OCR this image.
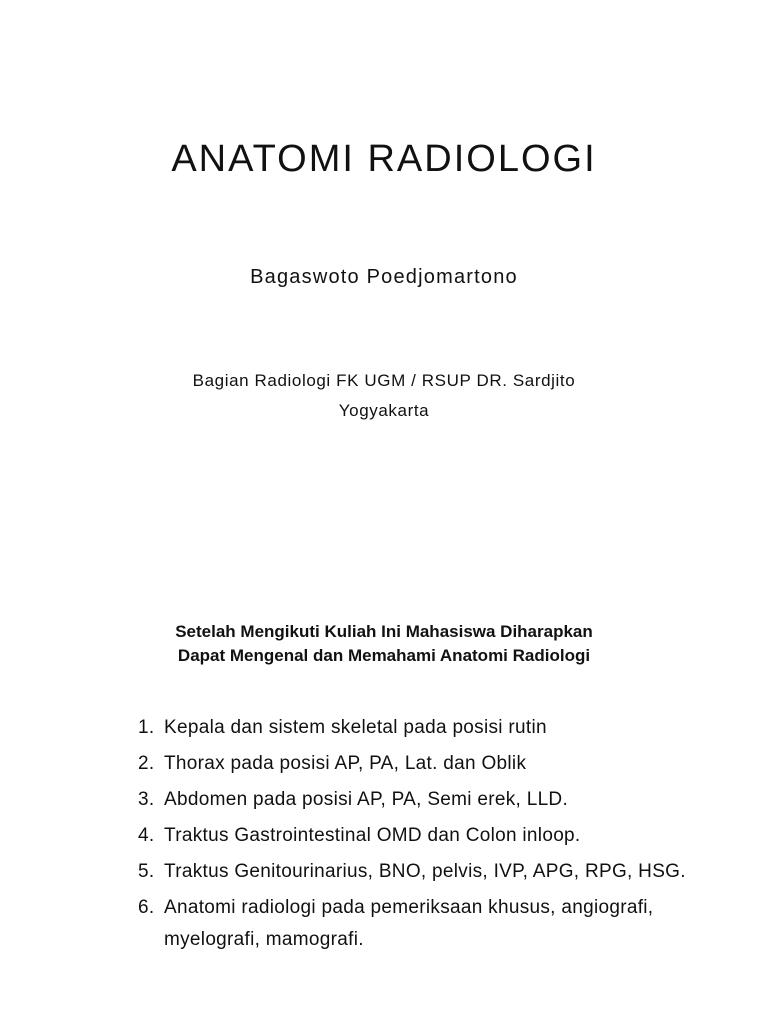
ANATOMI RADIOLOGI
Bagaswoto Poedjomartono
Bagian Radiologi FK UGM / RSUP DR. Sardjito
Yogyakarta
Setelah Mengikuti Kuliah Ini Mahasiswa Diharapkan
Dapat Mengenal dan Memahami Anatomi Radiologi
1. Kepala dan sistem skeletal pada posisi rutin
2. Thorax pada posisi AP, PA, Lat. dan Oblik
3. Abdomen pada posisi AP, PA, Semi erek, LLD.
4. Traktus Gastrointestinal OMD dan Colon inloop.
5. Traktus Genitourinarius, BNO, pelvis, IVP, APG, RPG, HSG.
6. Anatomi radiologi pada pemeriksaan khusus, angiografi, myelografi, mamografi.
